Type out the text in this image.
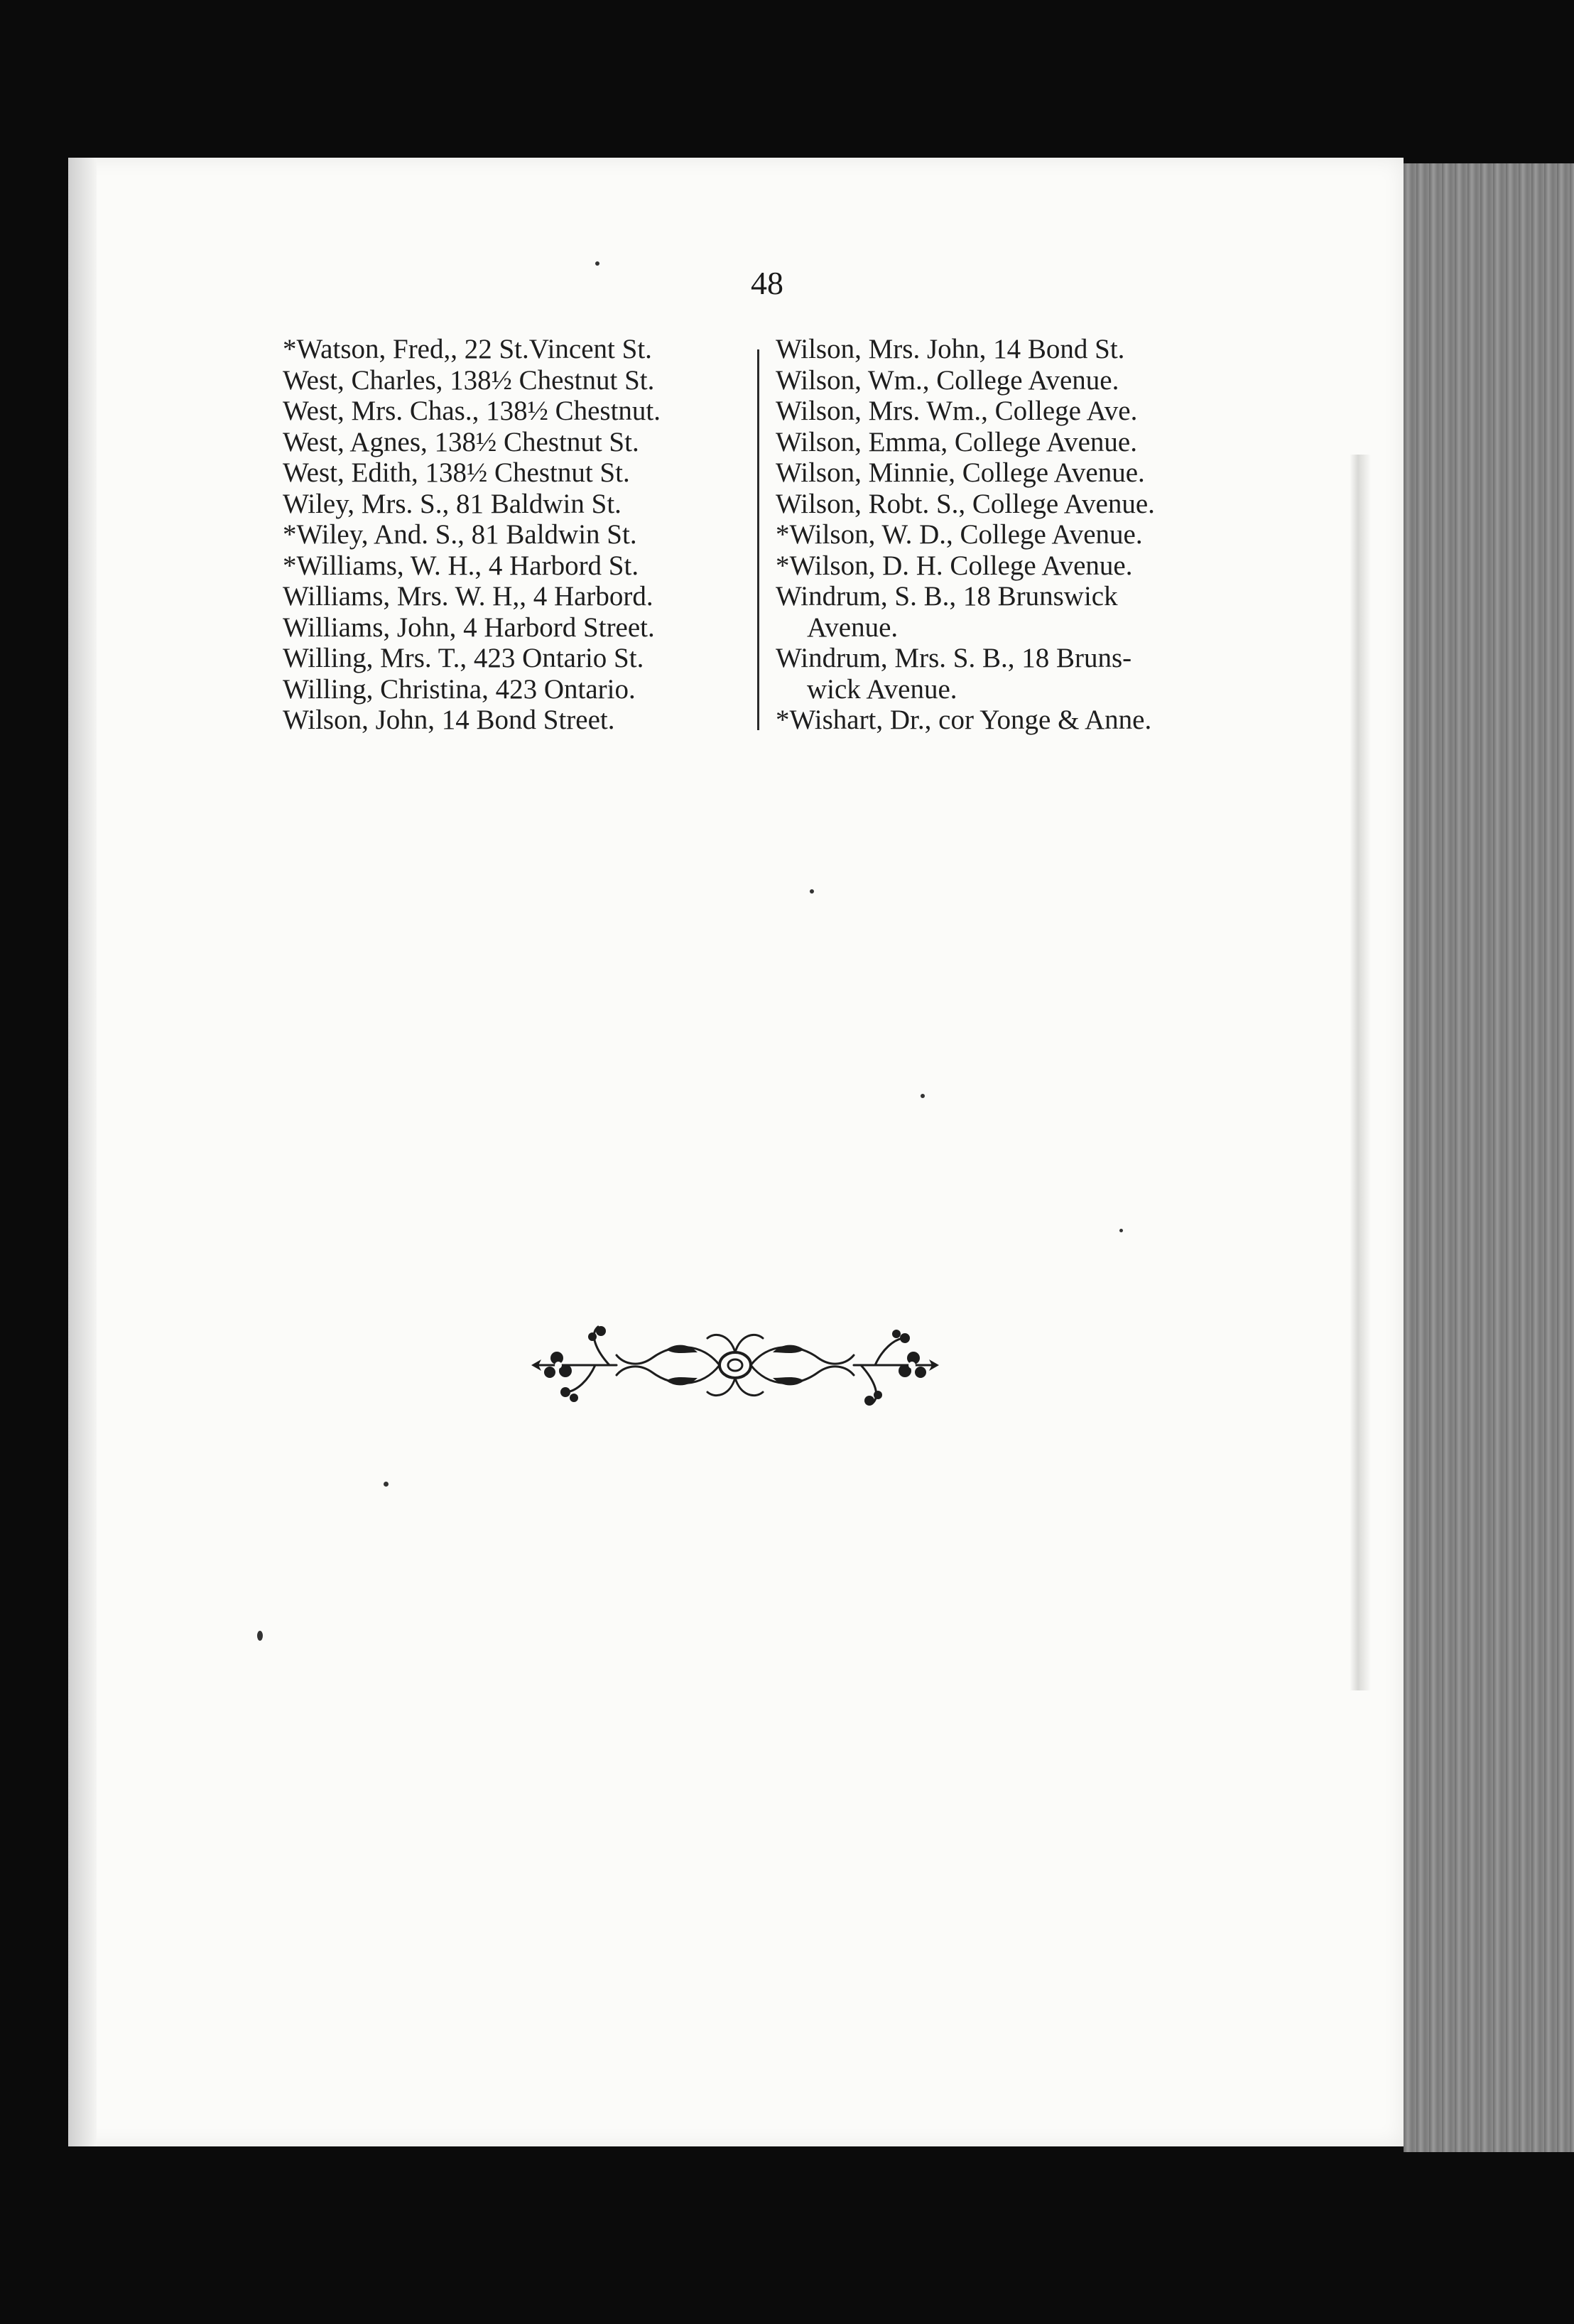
48
*Watson, Fred,, 22 St.Vincent St.
West, Charles, 138½ Chestnut St.
West, Mrs. Chas., 138½ Chestnut.
West, Agnes, 138½ Chestnut St.
West, Edith, 138½ Chestnut St.
Wiley, Mrs. S., 81 Baldwin St.
*Wiley, And. S., 81 Baldwin St.
*Williams, W. H., 4 Harbord St.
Williams, Mrs. W. H,, 4 Harbord.
Williams, John, 4 Harbord Street.
Willing, Mrs. T., 423 Ontario St.
Willing, Christina, 423 Ontario.
Wilson, John, 14 Bond Street.
Wilson, Mrs. John, 14 Bond St.
Wilson, Wm., College Avenue.
Wilson, Mrs. Wm., College Ave.
Wilson, Emma, College Avenue.
Wilson, Minnie, College Avenue.
Wilson, Robt. S., College Avenue.
*Wilson, W. D., College Avenue.
*Wilson, D. H. College Avenue.
Windrum, S. B., 18 Brunswick
Avenue.
Windrum, Mrs. S. B., 18 Bruns-
wick Avenue.
*Wishart, Dr., cor Yonge & Anne.
